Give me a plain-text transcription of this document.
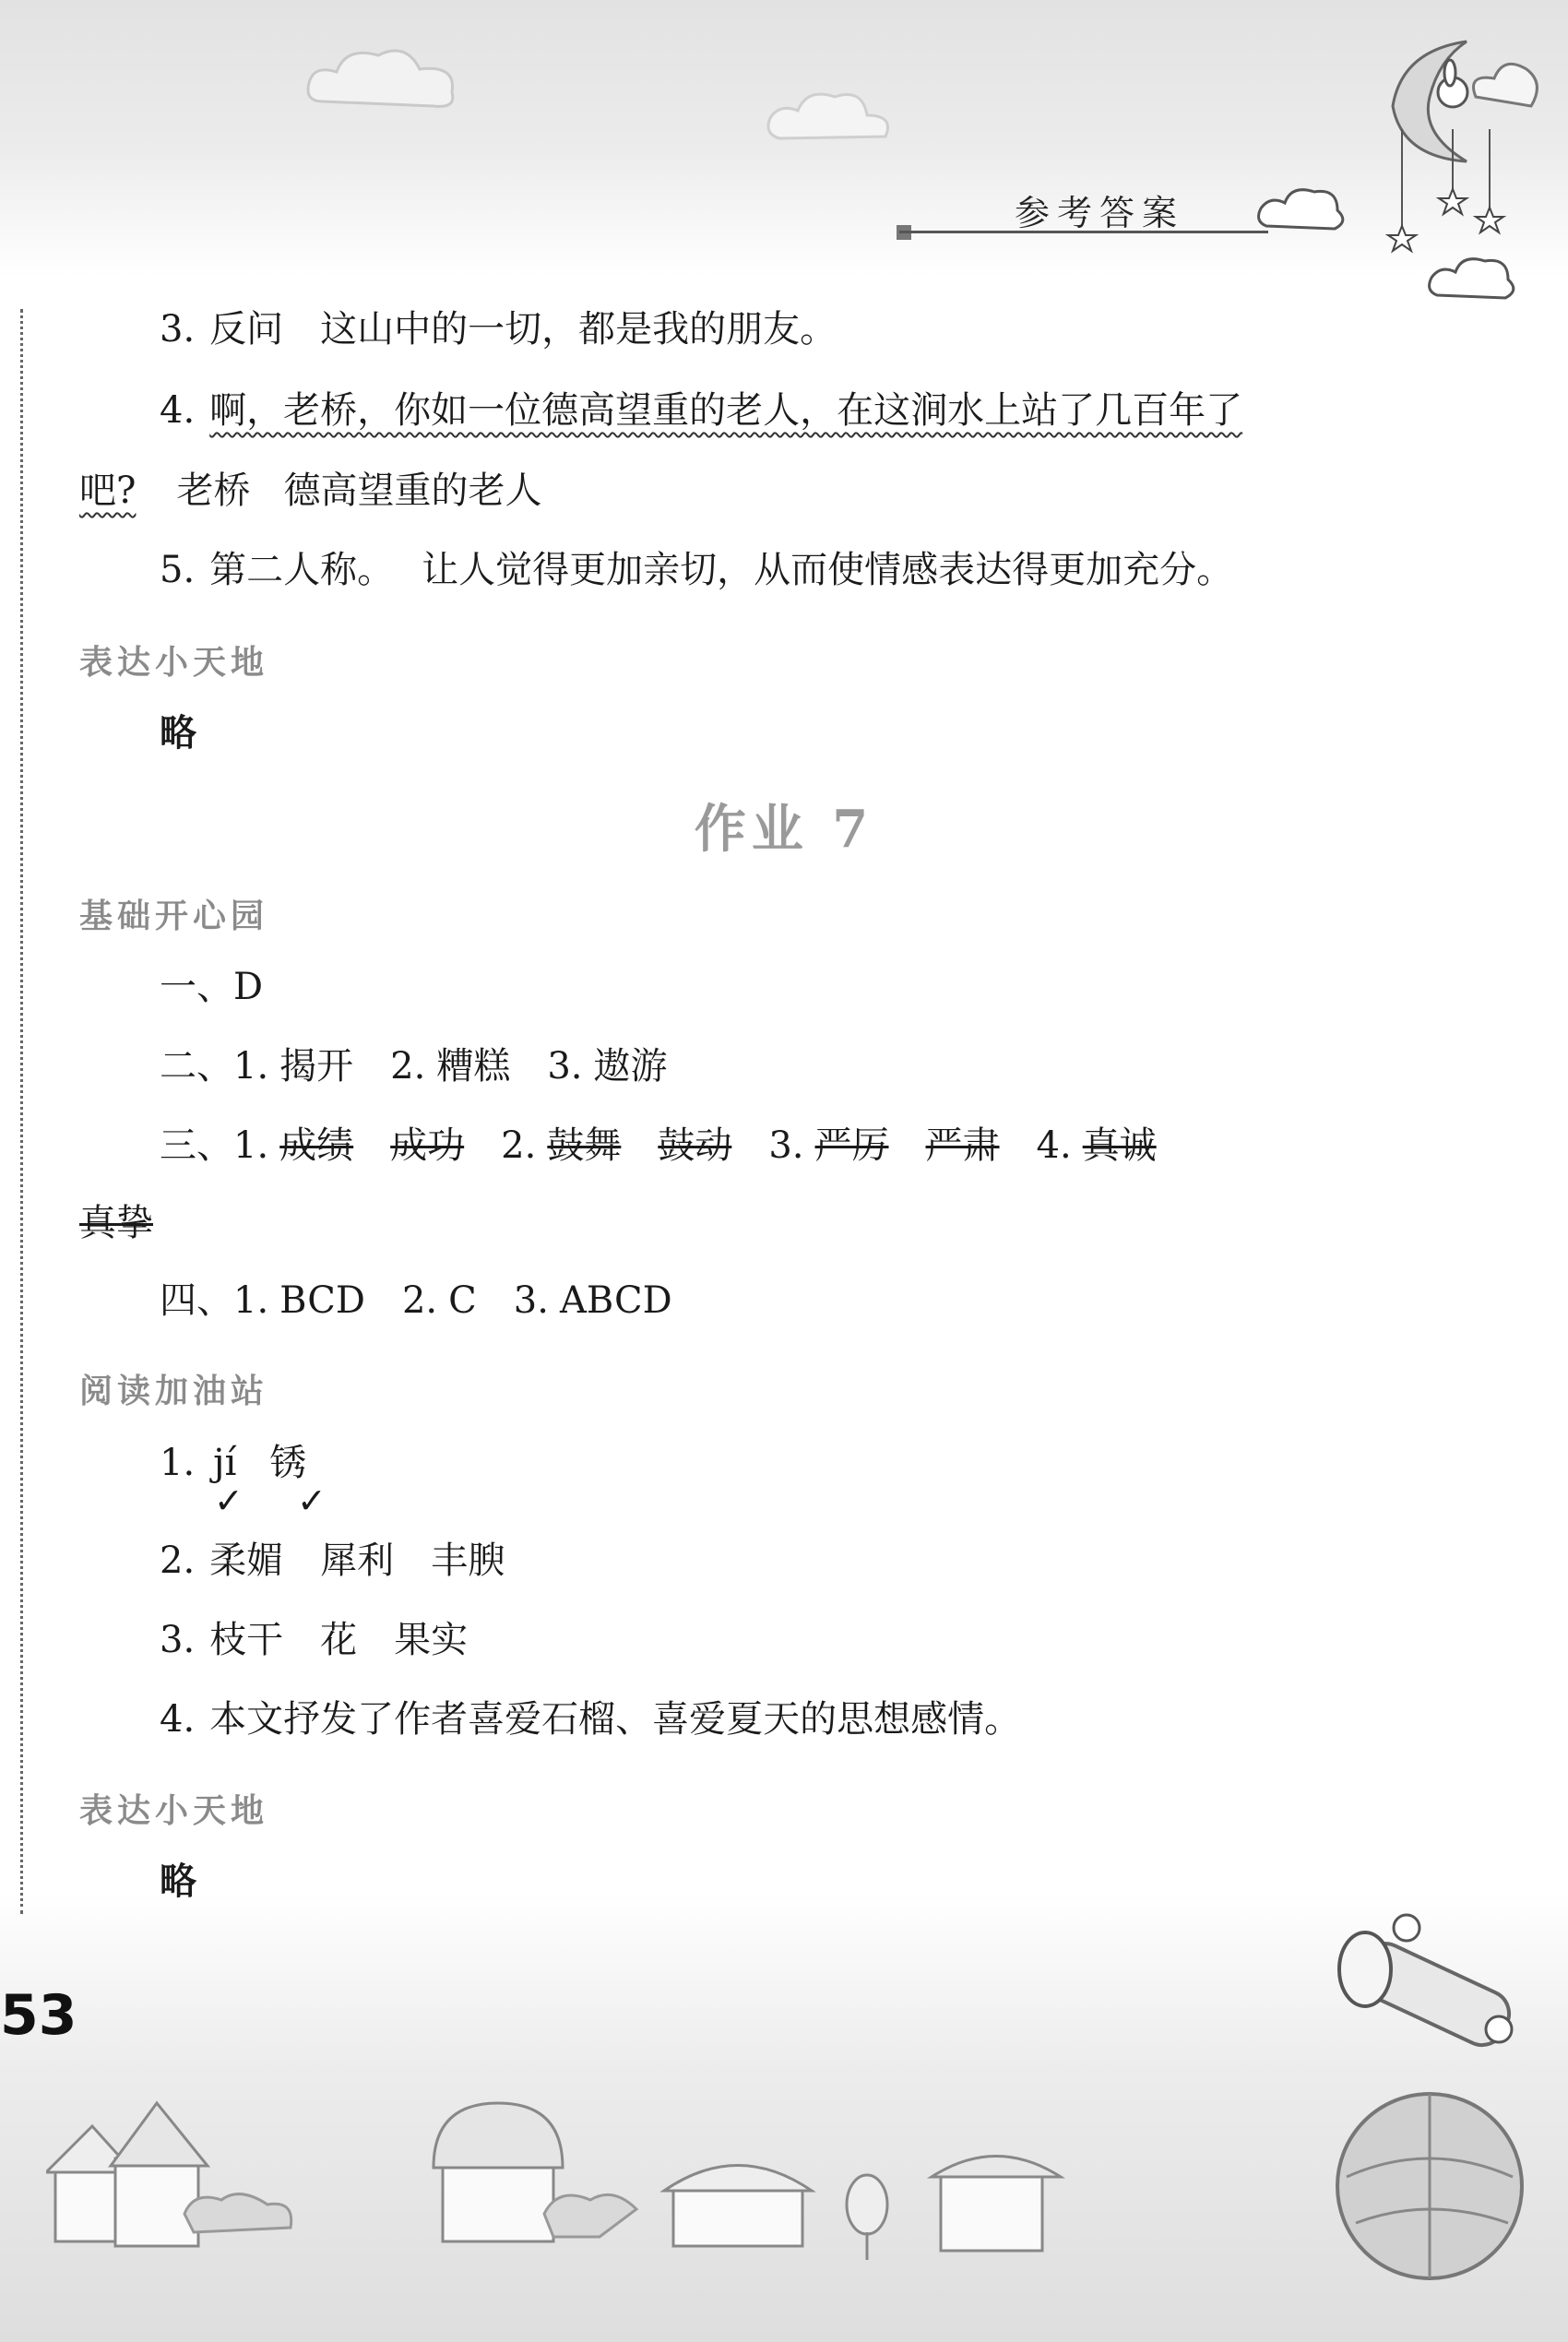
参考答案
3. 反问 这山中的一切，都是我的朋友。
4. 啊，老桥，你如一位德高望重的老人，在这涧水上站了几百年了
吧? 老桥 德高望重的老人
5. 第二人称。 让人觉得更加亲切，从而使情感表达得更加充分。
表达小天地
略
作业 7
基础开心园
一、D
二、1. 揭开 2. 糟糕 3. 遨游
三、1. 成绩 成功 2. 鼓舞 鼓动 3. 严厉 严肃 4. 真诚
真挚
四、1. BCD 2. C 3. ABCD
阅读加油站
1. jí 锈
✓ ✓
2. 柔媚 犀利 丰腴
3. 枝干 花 果实
4. 本文抒发了作者喜爱石榴、喜爱夏天的思想感情。
表达小天地
略
53
